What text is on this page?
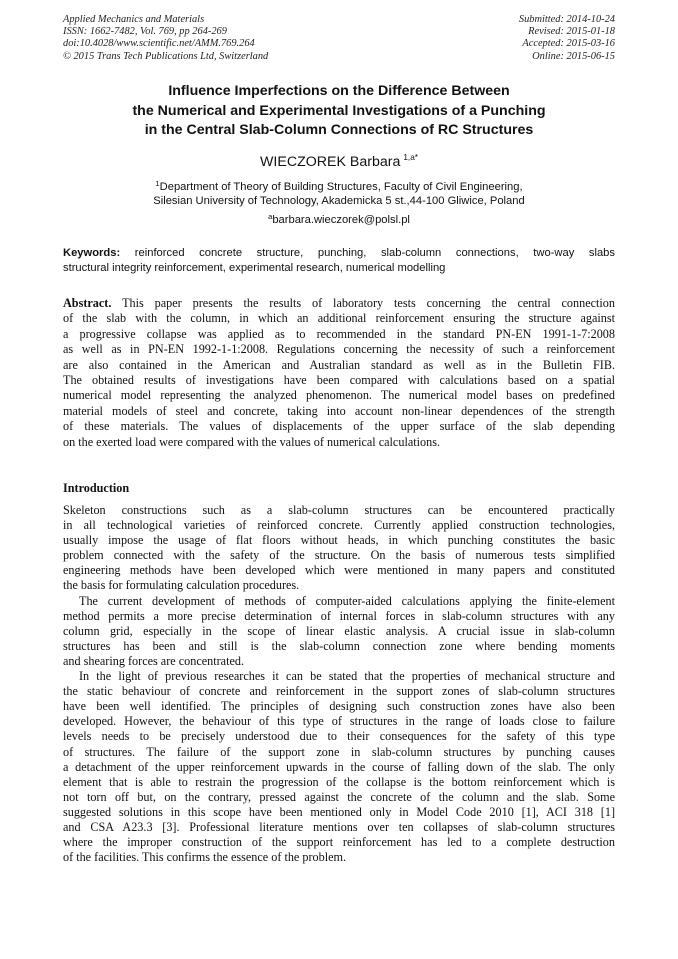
Applied Mechanics and Materials
ISSN: 1662-7482, Vol. 769, pp 264-269
doi:10.4028/www.scientific.net/AMM.769.264
© 2015 Trans Tech Publications Ltd, Switzerland
Submitted: 2014-10-24
Revised: 2015-01-18
Accepted: 2015-03-16
Online: 2015-06-15
Influence Imperfections on the Difference Between
the Numerical and Experimental Investigations of a Punching
in the Central Slab-Column Connections of RC Structures
WIECZOREK Barbara $^{1,a*}$
$^1$Department of Theory of Building Structures, Faculty of Civil Engineering,
Silesian University of Technology, Akademicka 5 st.,44-100 Gliwice, Poland
$^a$barbara.wieczorek@polsl.pl
Keywords: reinforced concrete structure, punching, slab-column connections, two-way slabs
structural integrity reinforcement, experimental research, numerical modelling
Abstract. This paper presents the results of laboratory tests concerning the central connection
of the slab with the column, in which an additional reinforcement ensuring the structure against
a progressive collapse was applied as to recommended in the standard PN-EN 1991-1-7:2008
as well as in PN-EN 1992-1-1:2008. Regulations concerning the necessity of such a reinforcement
are also contained in the American and Australian standard as well as in the Bulletin FIB.
The obtained results of investigations have been compared with calculations based on a spatial
numerical model representing the analyzed phenomenon. The numerical model bases on predefined
material models of steel and concrete, taking into account non-linear dependences of the strength
of these materials. The values of displacements of the upper surface of the slab depending
on the exerted load were compared with the values of numerical calculations.
Introduction

Skeleton constructions such as a slab-column structures can be encountered practically
in all technological varieties of reinforced concrete. Currently applied construction technologies,
usually impose the usage of flat floors without heads, in which punching constitutes the basic
problem connected with the safety of the structure. On the basis of numerous tests simplified
engineering methods have been developed which were mentioned in many papers and constituted
the basis for formulating calculation procedures.

The current development of methods of computer-aided calculations applying the finite-element
method permits a more precise determination of internal forces in slab-column structures with any
column grid, especially in the scope of linear elastic analysis. A crucial issue in slab-column
structures has been and still is the slab-column connection zone where bending moments
and shearing forces are concentrated.

In the light of previous researches it can be stated that the properties of mechanical structure and
the static behaviour of concrete and reinforcement in the support zones of slab-column structures
have been well identified. The principles of designing such construction zones have also been
developed. However, the behaviour of this type of structures in the range of loads close to failure
levels needs to be precisely understood due to their consequences for the safety of this type
of structures. The failure of the support zone in slab-column structures by punching causes
a detachment of the upper reinforcement upwards in the course of falling down of the slab. The only
element that is able to restrain the progression of the collapse is the bottom reinforcement which is
not torn off but, on the contrary, pressed against the concrete of the column and the slab. Some
suggested solutions in this scope have been mentioned only in Model Code 2010 [1], ACI 318 [1]
and CSA A23.3 [3]. Professional literature mentions over ten collapses of slab-column structures
where the improper construction of the support reinforcement has led to a complete destruction
of the facilities. This confirms the essence of the problem.
